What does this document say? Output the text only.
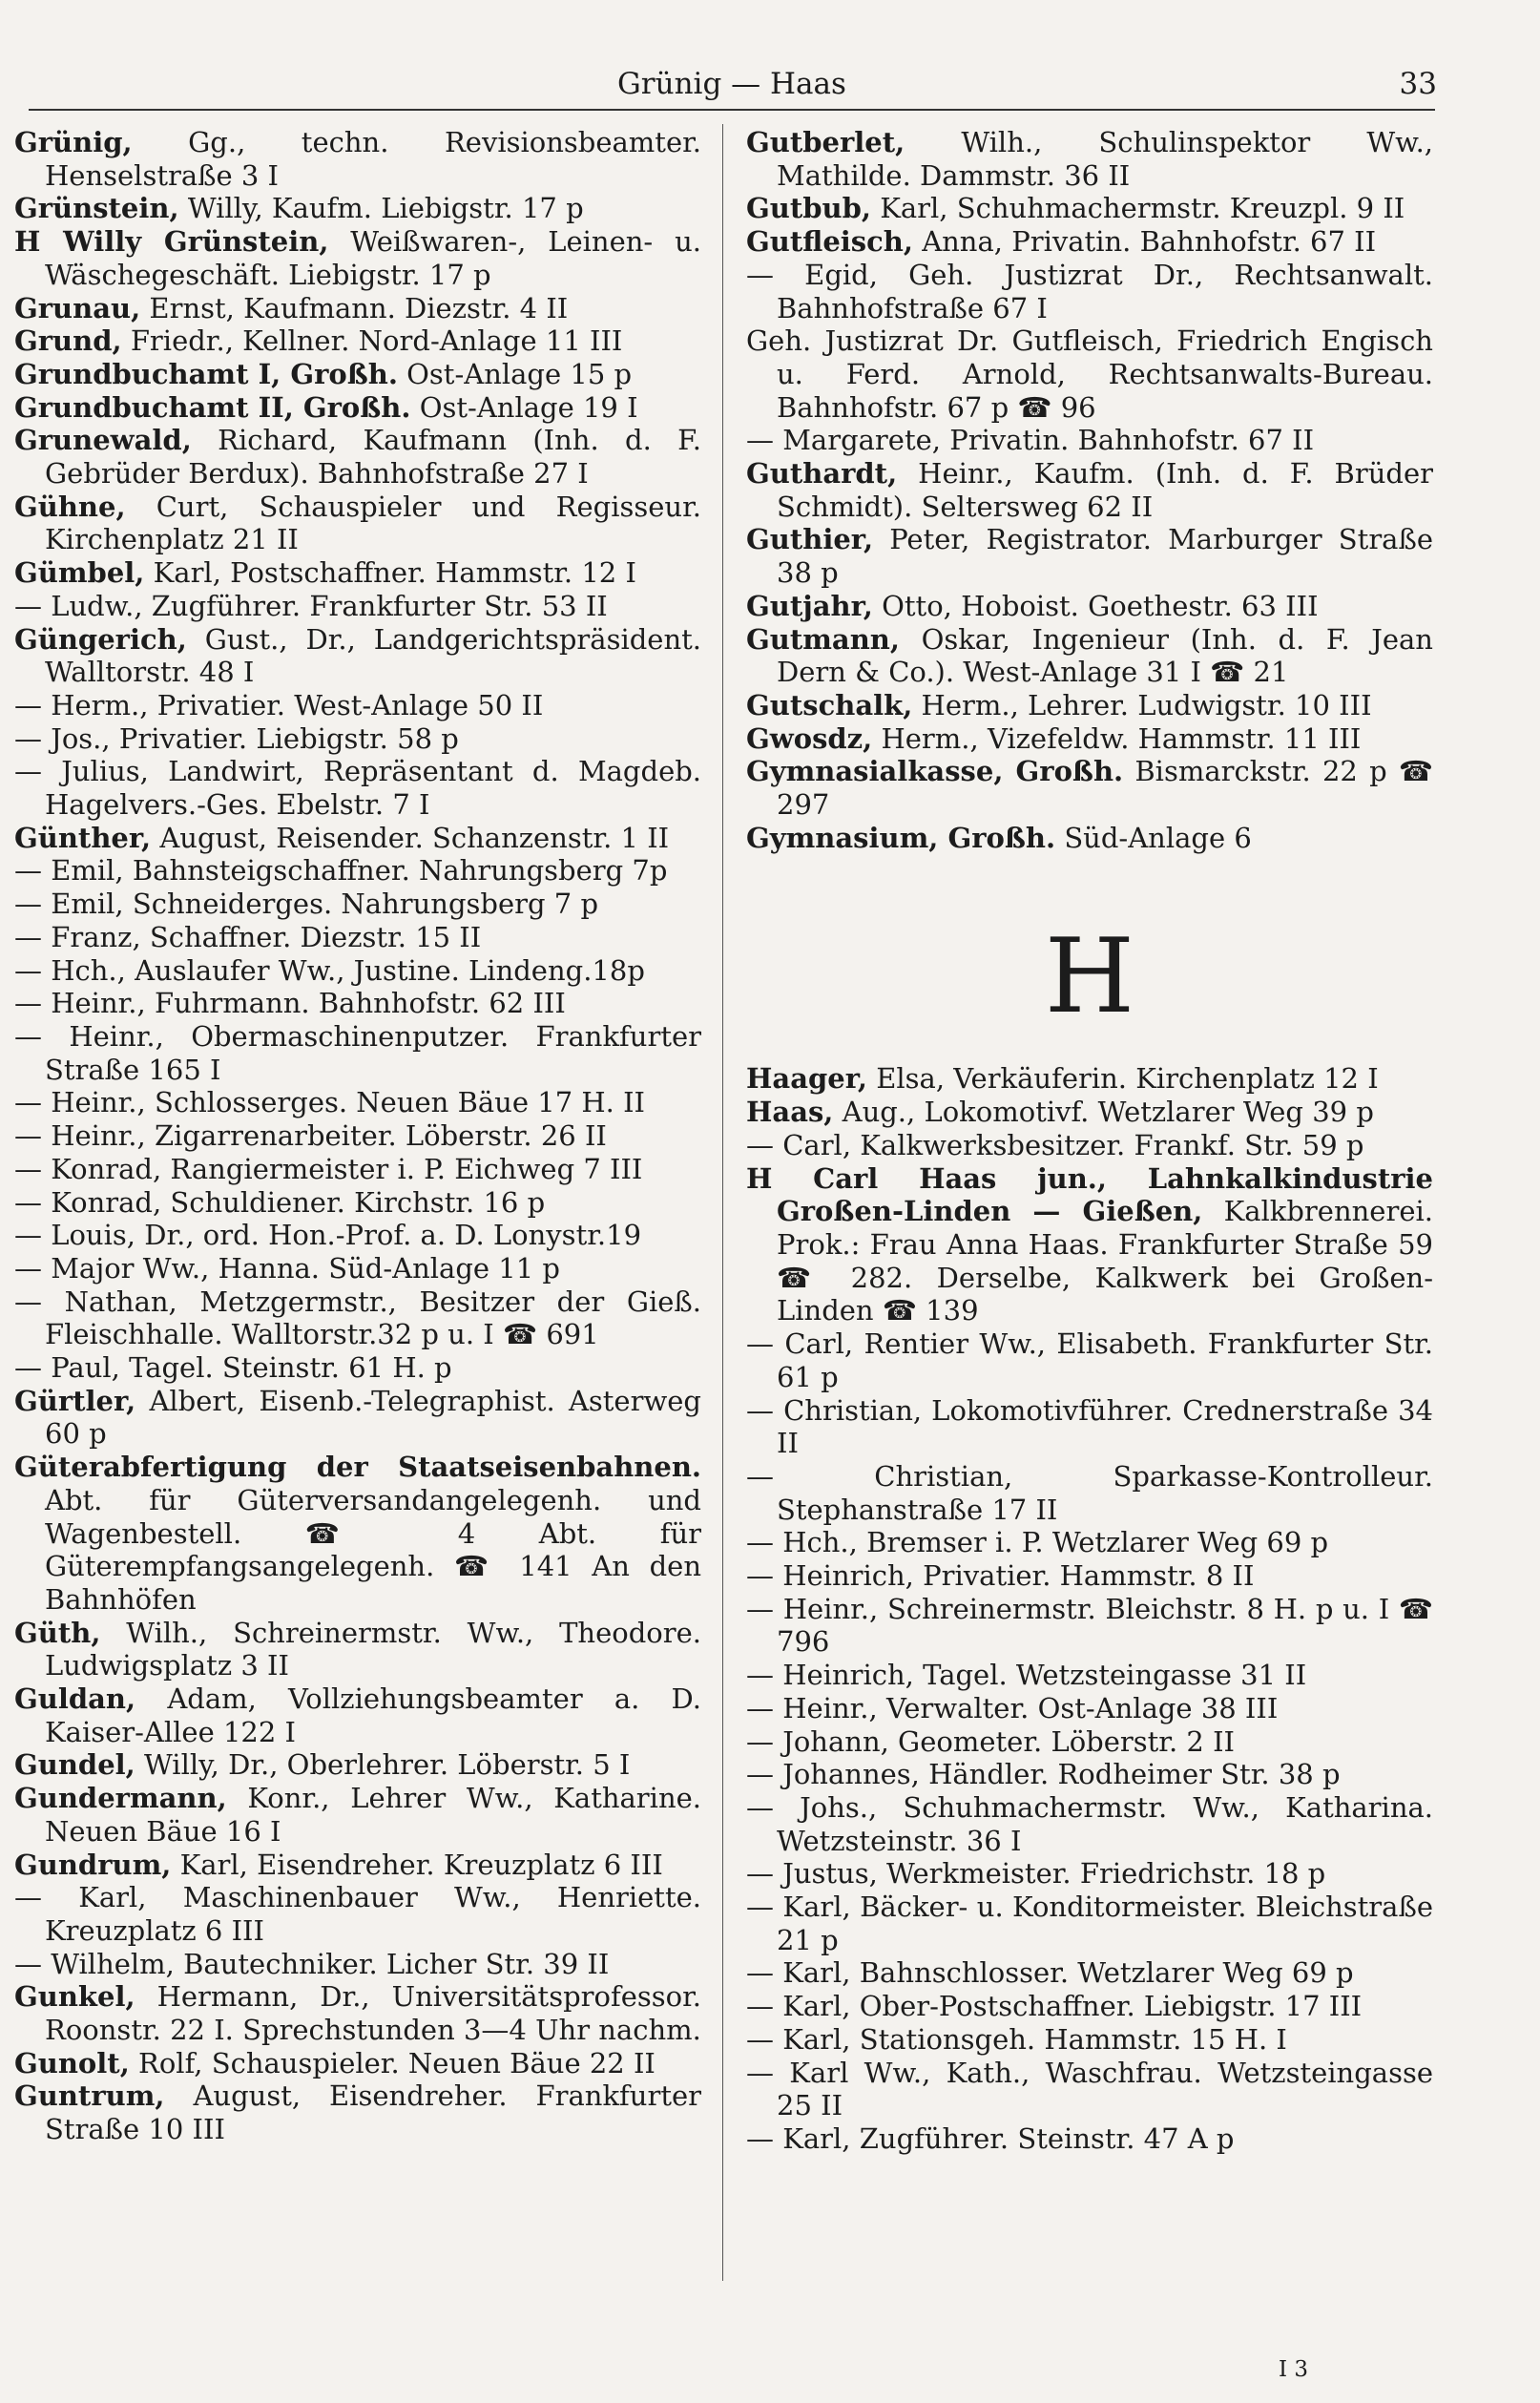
Grünig — Haas	33
Grünig, Gg., techn. Revisionsbeamter. Henselstraße 3 I
Grünstein, Willy, Kaufm. Liebigstr. 17 p
H Willy Grünstein, Weißwaren-, Leinen- u. Wäschegeschäft. Liebigstr. 17 p
Grunau, Ernst, Kaufmann. Diezstr. 4 II
Grund, Friedr., Kellner. Nord-Anlage 11 III
Grundbuchamt I, Großh. Ost-Anlage 15 p
Grundbuchamt II, Großh. Ost-Anlage 19 I
Grunewald, Richard, Kaufmann (Inh. d. F. Gebrüder Berdux). Bahnhofstraße 27 I
Gühne, Curt, Schauspieler und Regisseur. Kirchenplatz 21 II
Gümbel, Karl, Postschaffner. Hammstr. 12 I
— Ludw., Zugführer. Frankfurter Str. 53 II
Güngerich, Gust., Dr., Landgerichtspräsident. Walltorstr. 48 I
— Herm., Privatier. West-Anlage 50 II
— Jos., Privatier. Liebigstr. 58 p
— Julius, Landwirt, Repräsentant d. Magdeb. Hagelvers.-Ges. Ebelstr. 7 I
Günther, August, Reisender. Schanzenstr. 1 II
— Emil, Bahnsteigschaffner. Nahrungsberg 7p
— Emil, Schneiderges. Nahrungsberg 7 p
— Franz, Schaffner. Diezstr. 15 II
— Hch., Auslaufer Ww., Justine. Lindeng.18p
— Heinr., Fuhrmann. Bahnhofstr. 62 III
— Heinr., Obermaschinenputzer. Frankfurter Straße 165 I
— Heinr., Schlosserges. Neuen Bäue 17 H. II
— Heinr., Zigarrenarbeiter. Löberstr. 26 II
— Konrad, Rangiermeister i. P. Eichweg 7 III
— Konrad, Schuldiener. Kirchstr. 16 p
— Louis, Dr., ord. Hon.-Prof. a. D. Lonystr.19
— Major Ww., Hanna. Süd-Anlage 11 p
— Nathan, Metzgermstr., Besitzer der Gieß. Fleischhalle. Walltorstr.32 p u. I ☎ 691
— Paul, Tagel. Steinstr. 61 H. p
Gürtler, Albert, Eisenb.-Telegraphist. Asterweg 60 p
Güterabfertigung der Staatseisenbahnen. Abt. für Güterversandangelegenh. und Wagenbestell. ☎ 4 Abt. für Güterempfangsangelegenh. ☎ 141 An den Bahnhöfen
Güth, Wilh., Schreinermstr. Ww., Theodore. Ludwigsplatz 3 II
Guldan, Adam, Vollziehungsbeamter a. D. Kaiser-Allee 122 I
Gundel, Willy, Dr., Oberlehrer. Löberstr. 5 I
Gundermann, Konr., Lehrer Ww., Katharine. Neuen Bäue 16 I
Gundrum, Karl, Eisendreher. Kreuzplatz 6 III
— Karl, Maschinenbauer Ww., Henriette. Kreuzplatz 6 III
— Wilhelm, Bautechniker. Licher Str. 39 II
Gunkel, Hermann, Dr., Universitätsprofessor. Roonstr. 22 I. Sprechstunden 3—4 Uhr nachm.
Gunolt, Rolf, Schauspieler. Neuen Bäue 22 II
Guntrum, August, Eisendreher. Frankfurter Straße 10 III
Gutberlet, Wilh., Schulinspektor Ww., Mathilde. Dammstr. 36 II
Gutbub, Karl, Schuhmachermstr. Kreuzpl. 9 II
Gutfleisch, Anna, Privatin. Bahnhofstr. 67 II
— Egid, Geh. Justizrat Dr., Rechtsanwalt. Bahnhofstraße 67 I
Geh. Justizrat Dr. Gutfleisch, Friedrich Engisch u. Ferd. Arnold, Rechtsanwalts-Bureau. Bahnhofstr. 67 p ☎ 96
— Margarete, Privatin. Bahnhofstr. 67 II
Guthardt, Heinr., Kaufm. (Inh. d. F. Brüder Schmidt). Seltersweg 62 II
Guthier, Peter, Registrator. Marburger Straße 38 p
Gutjahr, Otto, Hoboist. Goethestr. 63 III
Gutmann, Oskar, Ingenieur (Inh. d. F. Jean Dern & Co.). West-Anlage 31 I ☎ 21
Gutschalk, Herm., Lehrer. Ludwigstr. 10 III
Gwosdz, Herm., Vizefeldw. Hammstr. 11 III
Gymnasialkasse, Großh. Bismarckstr. 22 p ☎ 297
Gymnasium, Großh. Süd-Anlage 6
H
Haager, Elsa, Verkäuferin. Kirchenplatz 12 I
Haas, Aug., Lokomotivf. Wetzlarer Weg 39 p
— Carl, Kalkwerksbesitzer. Frankf. Str. 59 p
H Carl Haas jun., Lahnkalkindustrie Großen-Linden — Gießen, Kalkbrennerei. Prok.: Frau Anna Haas. Frankfurter Straße 59 ☎ 282. Derselbe, Kalkwerk bei Großen-Linden ☎ 139
— Carl, Rentier Ww., Elisabeth. Frankfurter Str. 61 p
— Christian, Lokomotivführer. Crednerstraße 34 II
—	Christian, Sparkasse-Kontrolleur. Stephanstraße 17 II
— Hch., Bremser i. P. Wetzlarer Weg 69 p
— Heinrich, Privatier. Hammstr. 8 II
— Heinr., Schreinermstr. Bleichstr. 8 H. p u. I ☎ 796
— Heinrich, Tagel. Wetzsteingasse 31 II
— Heinr., Verwalter. Ost-Anlage 38 III
— Johann, Geometer. Löberstr. 2 II
— Johannes, Händler. Rodheimer Str. 38 p
— Johs., Schuhmachermstr. Ww., Katharina. Wetzsteinstr. 36 I
— Justus, Werkmeister. Friedrichstr. 18 p
— Karl, Bäcker- u. Konditormeister. Bleichstraße 21 p
— Karl, Bahnschlosser. Wetzlarer Weg 69 p
— Karl, Ober-Postschaffner. Liebigstr. 17 III
— Karl, Stationsgeh. Hammstr. 15 H. I
— Karl Ww., Kath., Waschfrau. Wetzsteingasse 25 II
— Karl, Zugführer. Steinstr. 47 A p
I 3
